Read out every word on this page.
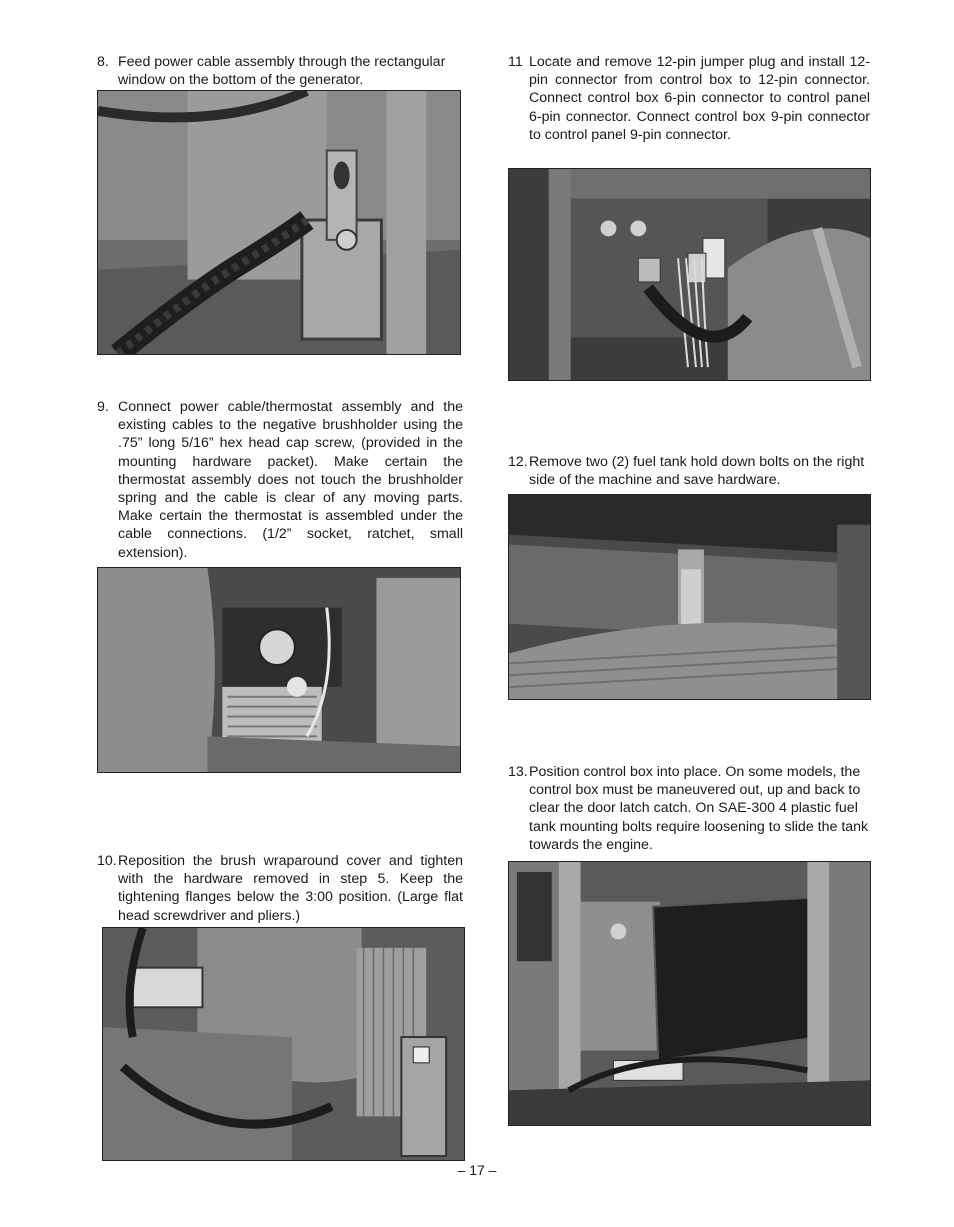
8. Feed power cable assembly through the rectangular window on the bottom of the generator.
9. Connect power cable/thermostat assembly and the existing cables to the negative brushholder using the .75” long 5/16” hex head cap screw, (provided in the mounting hardware packet). Make certain the thermostat assembly does not touch the brushholder spring and the cable is clear of any moving parts. Make certain the thermostat is assembled under the cable connections. (1/2” socket, ratchet, small extension).
10. Reposition the brush wraparound cover and tighten with the hardware removed in step 5. Keep the tightening flanges below the 3:00 position. (Large flat head screwdriver and pliers.)
11 Locate and remove 12-pin jumper plug and install 12-pin connector from control box to 12-pin connector. Connect control box 6-pin connector to control panel 6-pin connector. Connect control box 9-pin connector to control panel 9-pin connector.
12. Remove two (2) fuel tank hold down bolts on the right side of the machine and save hardware.
13. Position control box into place. On some models, the control box must be maneuvered out, up and back to clear the door latch catch. On SAE-300 4 plastic fuel tank mounting bolts require loosening to slide the tank towards the engine.
– 17 –
